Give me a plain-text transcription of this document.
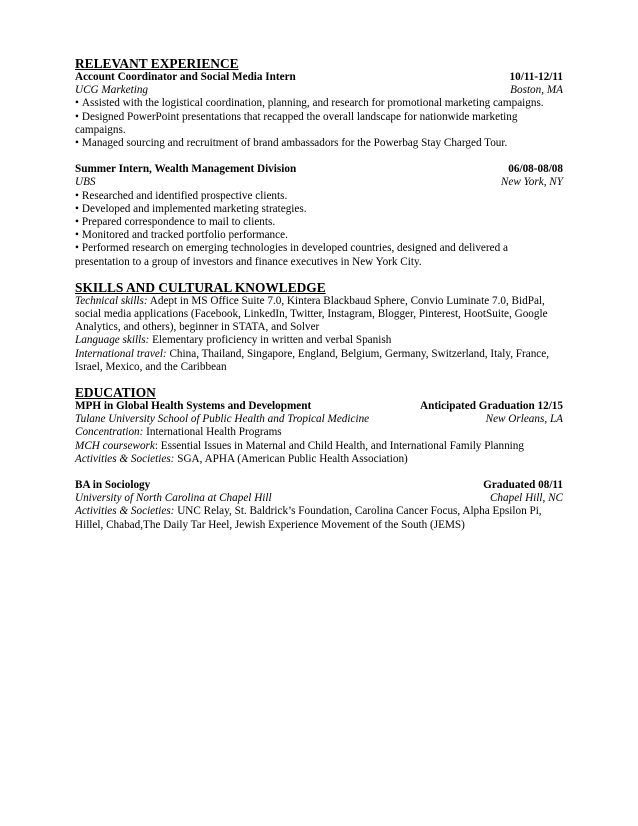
RELEVANT EXPERIENCE
Account Coordinator and Social Media Intern	10/11-12/11
UCG Marketing	Boston, MA
• Assisted with the logistical coordination, planning, and research for promotional marketing campaigns.
• Designed PowerPoint presentations that recapped the overall landscape for nationwide marketing campaigns.
• Managed sourcing and recruitment of brand ambassadors for the Powerbag Stay Charged Tour.
Summer Intern, Wealth Management Division	06/08-08/08
UBS	New York, NY
• Researched and identified prospective clients.
• Developed and implemented marketing strategies.
• Prepared correspondence to mail to clients.
• Monitored and tracked portfolio performance.
• Performed research on emerging technologies in developed countries, designed and delivered a presentation to a group of investors and finance executives in New York City.
SKILLS AND CULTURAL KNOWLEDGE

Technical skills: Adept in MS Office Suite 7.0, Kintera Blackbaud Sphere, Convio Luminate 7.0, BidPal, social media applications (Facebook, LinkedIn, Twitter, Instagram, Blogger, Pinterest, HootSuite, Google Analytics, and others), beginner in STATA, and Solver

Language skills: Elementary proficiency in written and verbal Spanish

International travel: China, Thailand, Singapore, England, Belgium, Germany, Switzerland, Italy, France, Israel, Mexico, and the Caribbean

EDUCATION
MPH in Global Health Systems and Development	Anticipated Graduation 12/15
Tulane University School of Public Health and Tropical Medicine	New Orleans, LA

Concentration: International Health Programs

MCH coursework: Essential Issues in Maternal and Child Health, and International Family Planning

Activities & Societies: SGA, APHA (American Public Health Association)

BA in Sociology	Graduated 08/11
University of North Carolina at Chapel Hill	Chapel Hill, NC

Activities & Societies: UNC Relay, St. Baldrick’s Foundation, Carolina Cancer Focus, Alpha Epsilon Pi, Hillel, Chabad,The Daily Tar Heel, Jewish Experience Movement of the South (JEMS)
